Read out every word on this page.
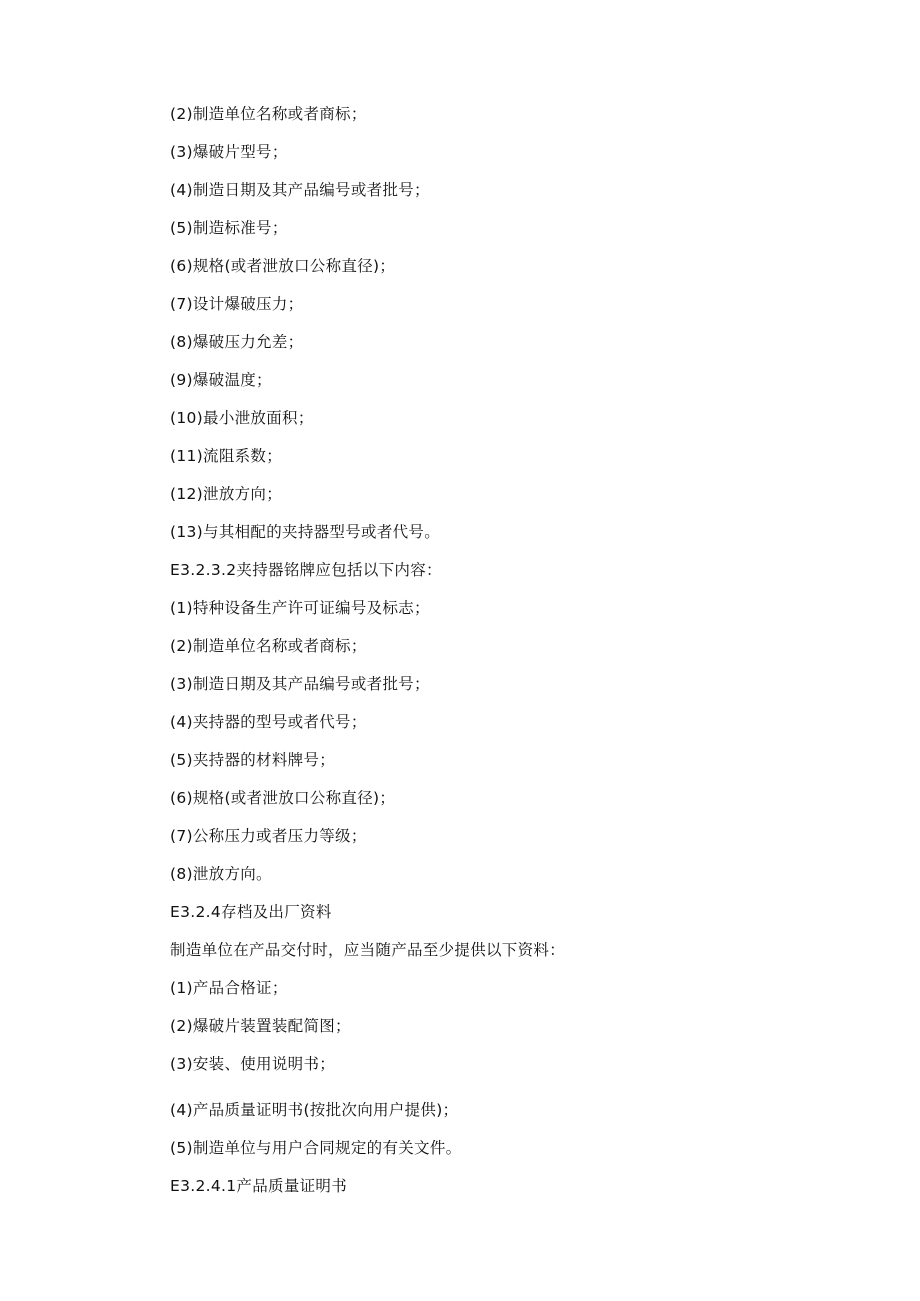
(2)制造单位名称或者商标；
(3)爆破片型号；
(4)制造日期及其产品编号或者批号；
(5)制造标准号；
(6)规格(或者泄放口公称直径)；
(7)设计爆破压力；
(8)爆破压力允差；
(9)爆破温度；
(10)最小泄放面积；
(11)流阻系数；
(12)泄放方向；
(13)与其相配的夹持器型号或者代号。
E3.2.3.2夹持器铭牌应包括以下内容：
(1)特种设备生产许可证编号及标志；
(2)制造单位名称或者商标；
(3)制造日期及其产品编号或者批号；
(4)夹持器的型号或者代号；
(5)夹持器的材料牌号；
(6)规格(或者泄放口公称直径)；
(7)公称压力或者压力等级；
(8)泄放方向。
E3.2.4存档及出厂资料
制造单位在产品交付时，应当随产品至少提供以下资料：
(1)产品合格证；
(2)爆破片装置装配简图；
(3)安装、使用说明书；
(4)产品质量证明书(按批次向用户提供)；
(5)制造单位与用户合同规定的有关文件。
E3.2.4.1产品质量证明书
